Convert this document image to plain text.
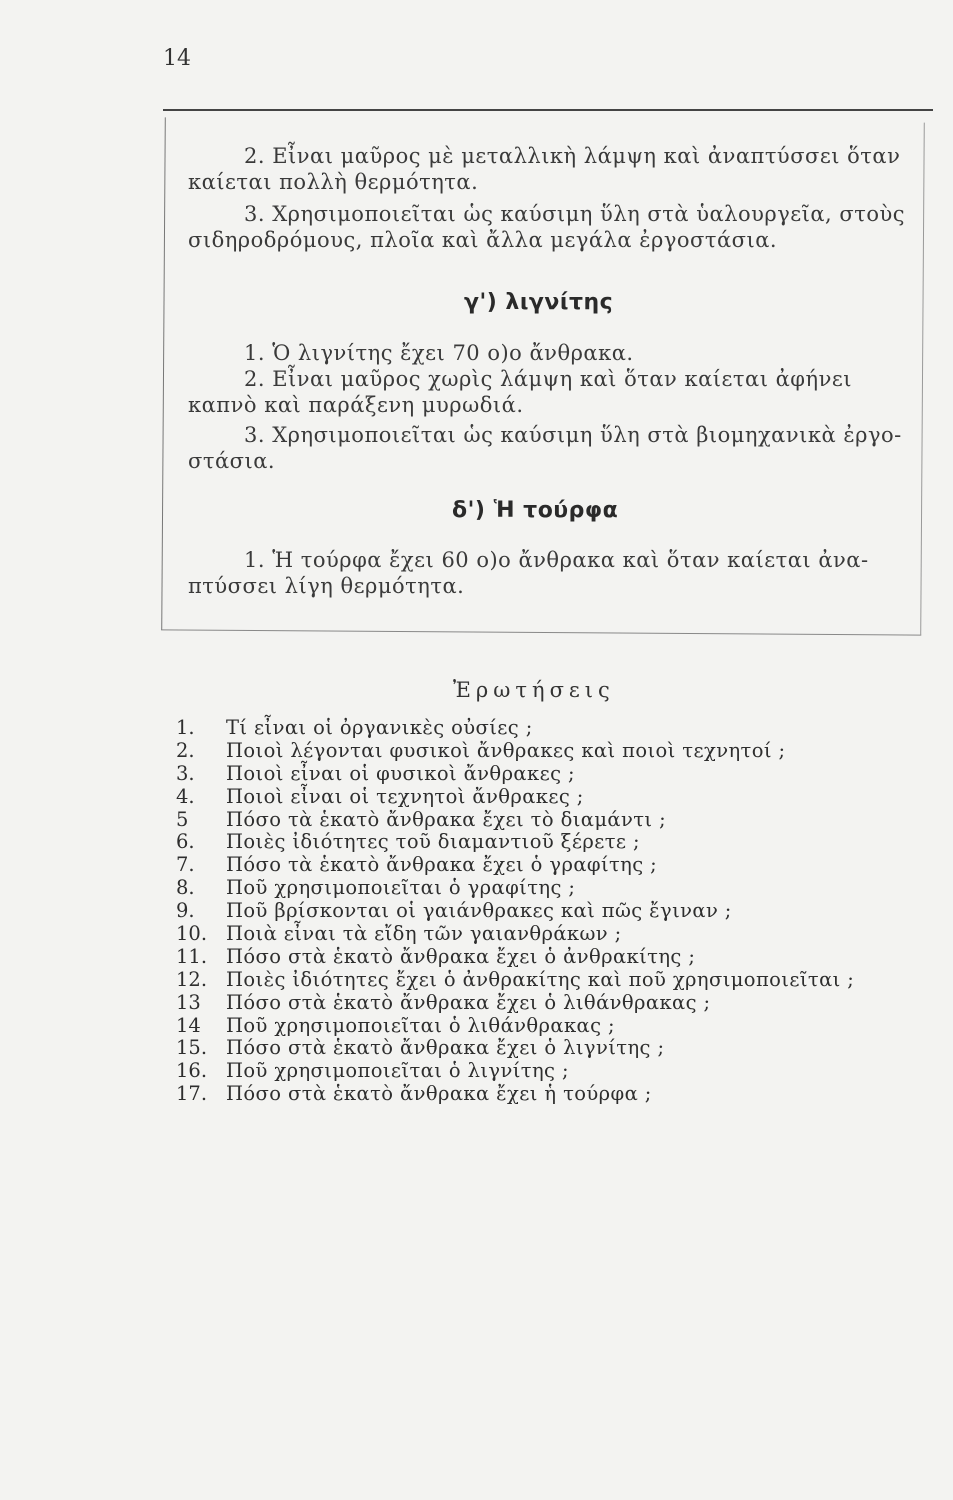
14
2. Εἶναι μαῦρος μὲ μεταλλικὴ λάμψη καὶ ἀναπτύσσει ὅταν
καίεται πολλὴ θερμότητα.
3. Χρησιμοποιεῖται ὡς καύσιμη ὕλη στὰ ὑαλουργεῖα, στοὺς
σιδηροδρόμους, πλοῖα καὶ ἄλλα μεγάλα ἐργοστάσια.
γ') λιγνίτης
1. Ὁ λιγνίτης ἔχει 70 ο)ο ἄνθρακα.
2. Εἶναι μαῦρος χωρὶς λάμψη καὶ ὅταν καίεται ἀφήνει
καπνὸ καὶ παράξενη μυρωδιά.
3. Χρησιμοποιεῖται ὡς καύσιμη ὕλη στὰ βιομηχανικὰ ἐργο-
στάσια.
δ') Ἡ τούρφα
1. Ἡ τούρφα ἔχει 60 ο)ο ἄνθρακα καὶ ὅταν καίεται ἀνα-
πτύσσει λίγη θερμότητα.
Ἐρωτήσεις
1.	Τί εἶναι οἱ ὀργανικὲς οὐσίες ;
2.	Ποιοὶ λέγονται φυσικοὶ ἄνθρακες καὶ ποιοὶ τεχνητοί ;
3.	Ποιοὶ εἶναι οἱ φυσικοὶ ἄνθρακες ;
4.	Ποιοὶ εἶναι οἱ τεχνητοὶ ἄνθρακες ;
5	Πόσο τὰ ἑκατὸ ἄνθρακα ἔχει τὸ διαμάντι ;
6.	Ποιὲς ἰδιότητες τοῦ διαμαντιοῦ ξέρετε ;
7.	Πόσο τὰ ἑκατὸ ἄνθρακα ἔχει ὁ γραφίτης ;
8.	Ποῦ χρησιμοποιεῖται ὁ γραφίτης ;
9.	Ποῦ βρίσκονται οἱ γαιάνθρακες καὶ πῶς ἔγιναν ;
10. Ποιὰ εἶναι τὰ εἴδη τῶν γαιανθράκων ;
11. Πόσο στὰ ἑκατὸ ἄνθρακα ἔχει ὁ ἀνθρακίτης ;
12. Ποιὲς ἰδιότητες ἔχει ὁ ἀνθρακίτης καὶ ποῦ χρησιμοποιεῖται ;
13	Πόσο στὰ ἑκατὸ ἄνθρακα ἔχει ὁ λιθάνθρακας ;
14	Ποῦ χρησιμοποιεῖται ὁ λιθάνθρακας ;
15. Πόσο στὰ ἑκατὸ ἄνθρακα ἔχει ὁ λιγνίτης ;
16. Ποῦ χρησιμοποιεῖται ὁ λιγνίτης ;
17. Πόσο στὰ ἑκατὸ ἄνθρακα ἔχει ἡ τούρφα ;
